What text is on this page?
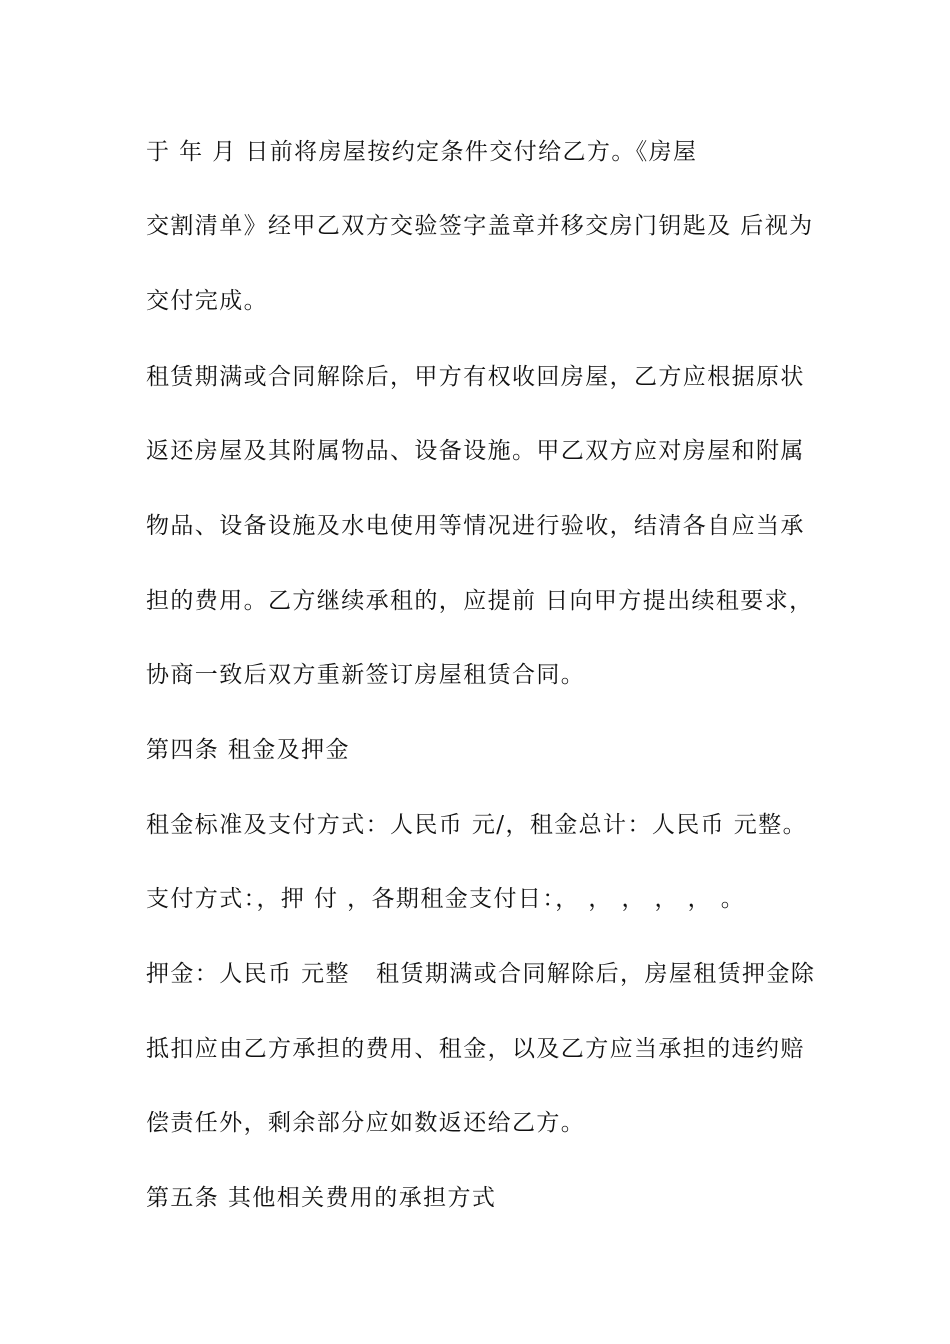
于 年 月 日前将房屋按约定条件交付给乙方。《房屋
交割清单》经甲乙双方交验签字盖章并移交房门钥匙及 后视为
交付完成。
租赁期满或合同解除后，甲方有权收回房屋，乙方应根据原状
返还房屋及其附属物品、设备设施。甲乙双方应对房屋和附属
物品、设备设施及水电使用等情况进行验收，结清各自应当承
担的费用。乙方继续承租的，应提前 日向甲方提出续租要求，
协商一致后双方重新签订房屋租赁合同。
第四条 租金及押金
租金标准及支付方式：人民币 元/，租金总计：人民币 元整。
支付方式：，押 付 ，各期租金支付日：， ， ， ， ， 。
押金：人民币 元整   租赁期满或合同解除后，房屋租赁押金除
抵扣应由乙方承担的费用、租金，以及乙方应当承担的违约赔
偿责任外，剩余部分应如数返还给乙方。
第五条 其他相关费用的承担方式
